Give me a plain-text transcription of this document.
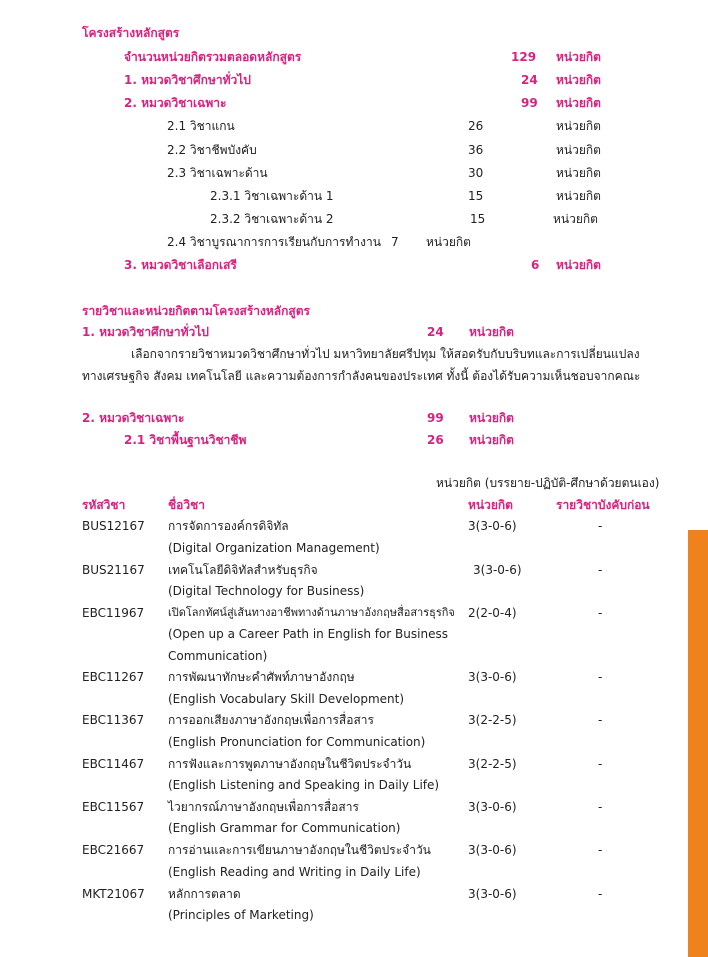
โครงสร้างหลักสูตร
จำนวนหน่วยกิตรวมตลอดหลักสูตร	129 หน่วยกิต
1. หมวดวิชาศึกษาทั่วไป	24 หน่วยกิต
2. หมวดวิชาเฉพาะ	99 หน่วยกิต
2.1 วิชาแกน	26	หน่วยกิต
2.2 วิชาชีพบังคับ	36	หน่วยกิต
2.3 วิชาเฉพาะด้าน	30	หน่วยกิต
2.3.1 วิชาเฉพาะด้าน 1	15	หน่วยกิต
2.3.2 วิชาเฉพาะด้าน 2	15	หน่วยกิต
2.4 วิชาบูรณาการการเรียนกับการทำงาน 7 หน่วยกิต
3. หมวดวิชาเลือกเสรี	6 หน่วยกิต
รายวิชาและหน่วยกิตตามโครงสร้างหลักสูตร
1. หมวดวิชาศึกษาทั่วไป	24 หน่วยกิต
เลือกจากรายวิชาหมวดวิชาศึกษาทั่วไป มหาวิทยาลัยศรีปทุม ให้สอดรับกับบริบทและการเปลี่ยนแปลง
ทางเศรษฐกิจ สังคม เทคโนโลยี และความต้องการกำลังคนของประเทศ ทั้งนี้ ต้องได้รับความเห็นชอบจากคณะ
2. หมวดวิชาเฉพาะ	99 หน่วยกิต
2.1 วิชาพื้นฐานวิชาชีพ	26 หน่วยกิต
หน่วยกิต (บรรยาย-ปฏิบัติ-ศึกษาด้วยตนเอง)
รหัสวิชา	ชื่อวิชา	หน่วยกิต	รายวิชาบังคับก่อน
BUS12167 การจัดการองค์กรดิจิทัล	3(3-0-6)	-
(Digital Organization Management)
BUS21167 เทคโนโลยีดิจิทัลสำหรับธุรกิจ	3(3-0-6)	-
(Digital Technology for Business)
EBC11967 เปิดโลกทัศน์สู่เส้นทางอาชีพทางด้านภาษาอังกฤษสื่อสารธุรกิจ 2(2-0-4)	-
(Open up a Career Path in English for Business
Communication)
EBC11267 การพัฒนาทักษะคำศัพท์ภาษาอังกฤษ	3(3-0-6)	-
(English Vocabulary Skill Development)
EBC11367 การออกเสียงภาษาอังกฤษเพื่อการสื่อสาร	3(2-2-5)	-
(English Pronunciation for Communication)
EBC11467 การฟังและการพูดภาษาอังกฤษในชีวิตประจำวัน	3(2-2-5)	-
(English Listening and Speaking in Daily Life)
EBC11567 ไวยากรณ์ภาษาอังกฤษเพื่อการสื่อสาร	3(3-0-6)	-
(English Grammar for Communication)
EBC21667 การอ่านและการเขียนภาษาอังกฤษในชีวิตประจำวัน	3(3-0-6)	-
(English Reading and Writing in Daily Life)
MKT21067 หลักการตลาด	3(3-0-6)	-
(Principles of Marketing)
